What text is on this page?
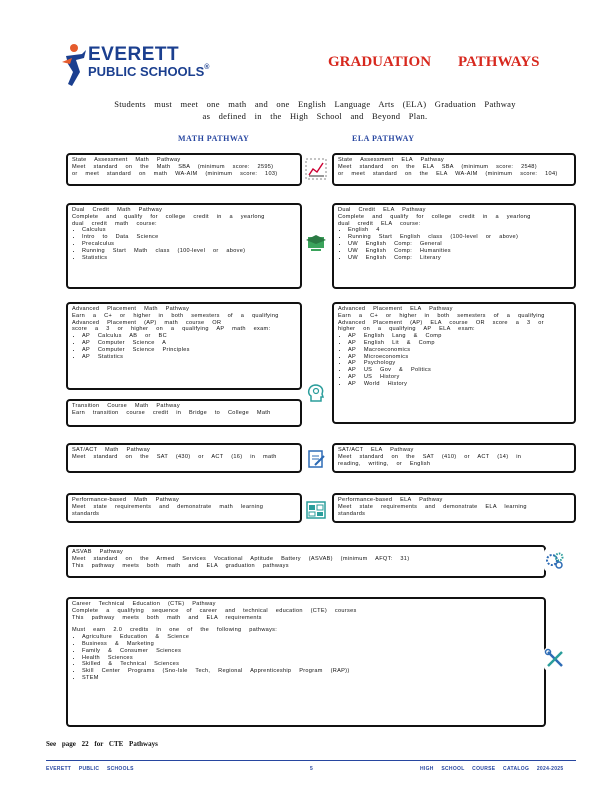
EVERETT
PUBLIC SCHOOLS®	GRADUATION PATHWAYS
Students must meet one math and one English Language Arts (ELA) Graduation Pathway
as defined in the High School and Beyond Plan.
MATH PATHWAY	ELA PATHWAY
State Assessment Math Pathway
Meet standard on the Math SBA (minimum score: 2595)
or meet standard on math WA-AIM (minimum score: 103)
State Assessment ELA Pathway
Meet standard on the ELA SBA (minimum score: 2548)
or meet standard on the ELA WA-AIM (minimum score: 104)
Dual Credit Math Pathway
Complete and qualify for college credit in a yearlong
dual credit math course:
• Calculus
• Intro to Data Science
• Precalculus
• Running Start Math class (100-level or above)
• Statistics
Dual Credit ELA Pathway
Complete and qualify for college credit in a yearlong
dual credit ELA course:
• English 4
• Running Start English class (100-level or above)
• UW English Comp: General
• UW English Comp: Humanities
• UW English Comp: Literary
Advanced Placement Math Pathway
Earn a C+ or higher in both semesters of a qualifying
Advanced Placement (AP) math course OR
score a 3 or higher on a qualifying AP math exam:
• AP Calculus AB or BC
• AP Computer Science A
• AP Computer Science Principles
• AP Statistics
Advanced Placement ELA Pathway
Earn a C+ or higher in both semesters of a qualifying
Advanced Placement (AP) ELA course OR score a 3 or
higher on a qualifying AP ELA exam:
• AP English Lang & Comp
• AP English Lit & Comp
• AP Macroeconomics
• AP Microeconomics
• AP Psychology
• AP US Gov & Politics
• AP US History
• AP World History
Transition Course Math Pathway
Earn transition course credit in Bridge to College Math
SAT/ACT Math Pathway
Meet standard on the SAT (430) or ACT (16) in math
SAT/ACT ELA Pathway
Meet standard on the SAT (410) or ACT (14) in
reading, writing, or English
Performance-based Math Pathway
Meet state requirements and demonstrate math learning
standards
Performance-based ELA Pathway
Meet state requirements and demonstrate ELA learning
standards
ASVAB Pathway
Meet standard on the Armed Services Vocational Aptitude Battery (ASVAB) (minimum AFQT: 31)
This pathway meets both math and ELA graduation pathways
Career Technical Education (CTE) Pathway
Complete a qualifying sequence of career and technical education (CTE) courses
This pathway meets both math and ELA requirements
Must earn 2.0 credits in one of the following pathways:
• Agriculture Education & Science
• Business & Marketing
• Family & Consumer Sciences
• Health Sciences
• Skilled & Technical Sciences
• Skill Center Programs (Sno-Isle Tech, Regional Apprenticeship Program (RAP))
• STEM
See page 22 for CTE Pathways
EVERETT PUBLIC SCHOOLS	5	HIGH SCHOOL COURSE CATALOG 2024-2025
